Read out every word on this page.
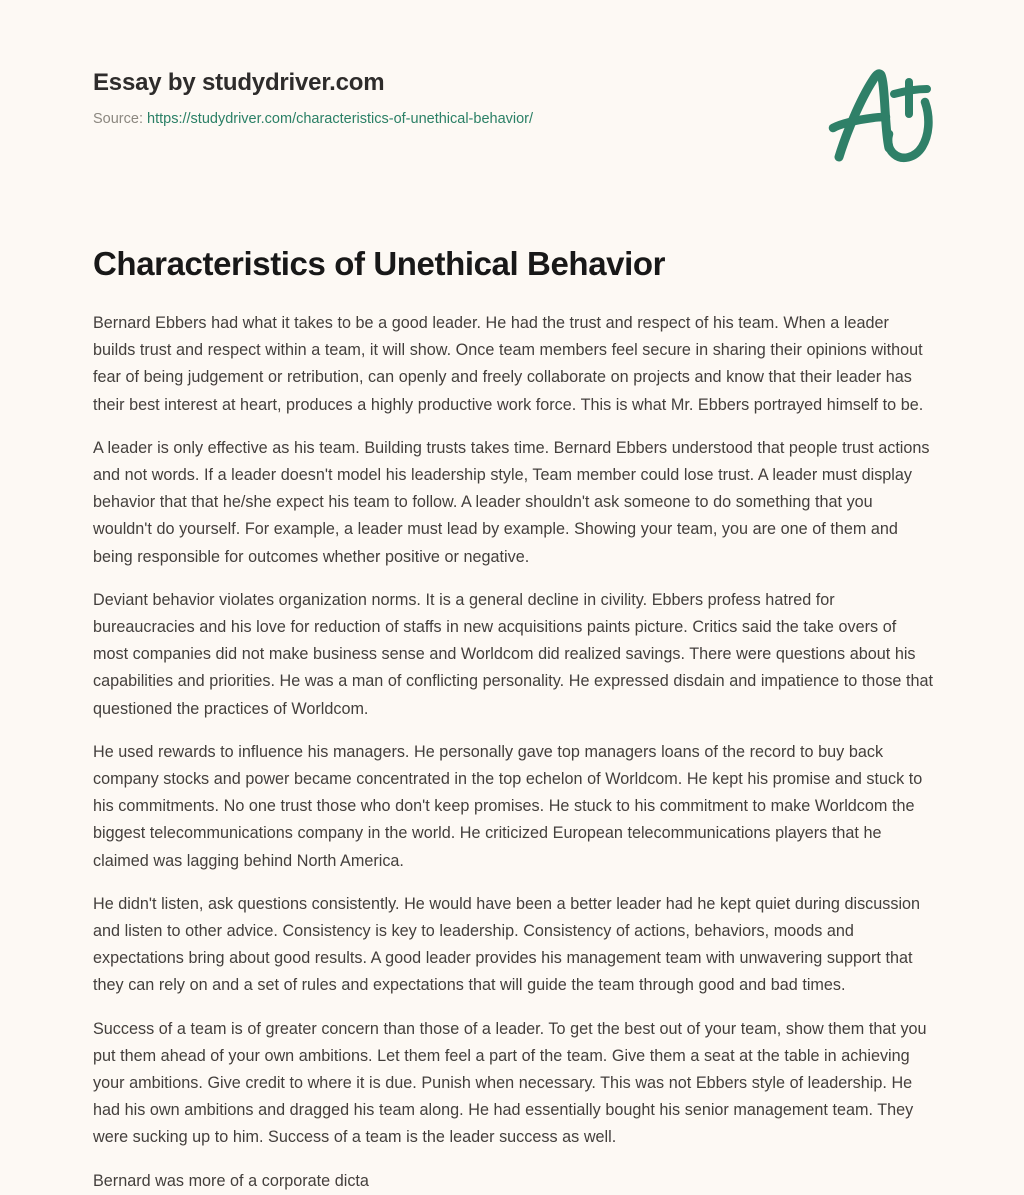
Essay by studydriver.com
Source: https://studydriver.com/characteristics-of-unethical-behavior/
Characteristics of Unethical Behavior

Bernard Ebbers had what it takes to be a good leader. He had the trust and respect of his team. When a leader builds trust and respect within a team, it will show. Once team members feel secure in sharing their opinions without fear of being judgement or retribution, can openly and freely collaborate on projects and know that their leader has their best interest at heart, produces a highly productive work force. This is what Mr. Ebbers portrayed himself to be.

A leader is only effective as his team. Building trusts takes time. Bernard Ebbers understood that people trust actions and not words. If a leader doesn't model his leadership style, Team member could lose trust. A leader must display behavior that that he/she expect his team to follow. A leader shouldn't ask someone to do something that you wouldn't do yourself. For example, a leader must lead by example. Showing your team, you are one of them and being responsible for outcomes whether positive or negative.

Deviant behavior violates organization norms. It is a general decline in civility. Ebbers profess hatred for bureaucracies and his love for reduction of staffs in new acquisitions paints picture. Critics said the take overs of most companies did not make business sense and Worldcom did realized savings. There were questions about his capabilities and priorities. He was a man of conflicting personality. He expressed disdain and impatience to those that questioned the practices of Worldcom.

He used rewards to influence his managers. He personally gave top managers loans of the record to buy back company stocks and power became concentrated in the top echelon of Worldcom. He kept his promise and stuck to his commitments. No one trust those who don't keep promises. He stuck to his commitment to make Worldcom the biggest telecommunications company in the world. He criticized European telecommunications players that he claimed was lagging behind North America.

He didn't listen, ask questions consistently. He would have been a better leader had he kept quiet during discussion and listen to other advice. Consistency is key to leadership. Consistency of actions, behaviors, moods and expectations bring about good results. A good leader provides his management team with unwavering support that they can rely on and a set of rules and expectations that will guide the team through good and bad times.

Success of a team is of greater concern than those of a leader. To get the best out of your team, show them that you put them ahead of your own ambitions. Let them feel a part of the team. Give them a seat at the table in achieving your ambitions. Give credit to where it is due. Punish when necessary. This was not Ebbers style of leadership. He had his own ambitions and dragged his team along. He had essentially bought his senior management team. They were sucking up to him. Success of a team is the leader success as well.

Bernard was more of a corporate dicta
